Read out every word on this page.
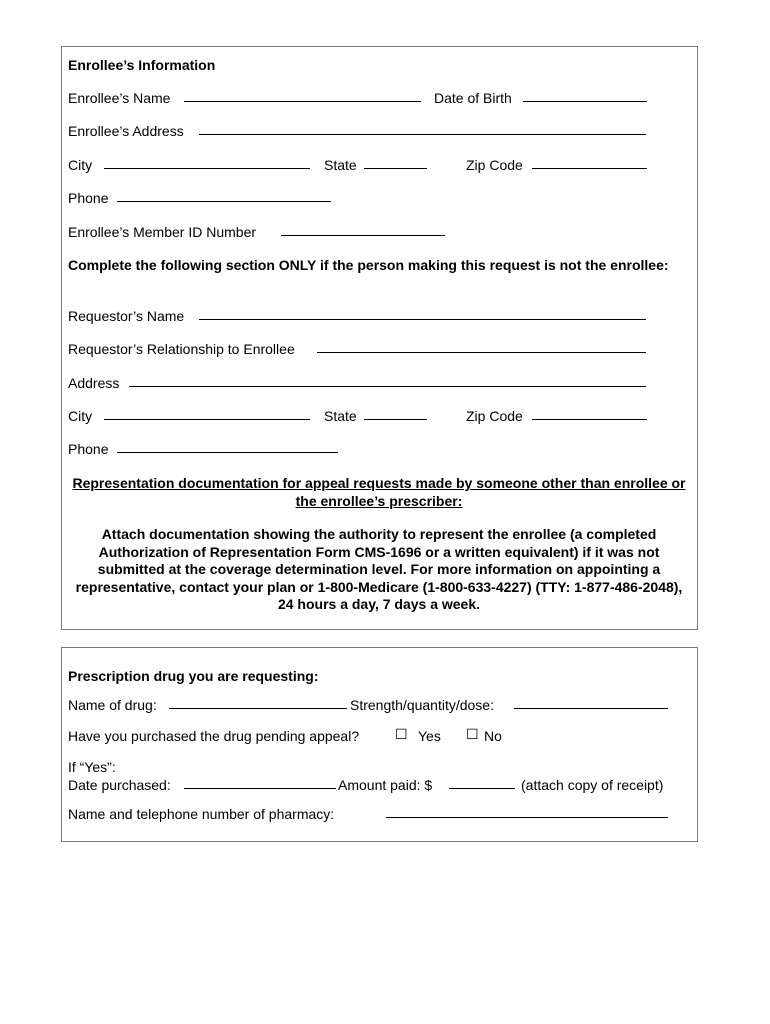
Enrollee’s Information
Enrollee’s Name	Date of Birth
Enrollee’s Address
City	State	Zip Code
Phone
Enrollee’s Member ID Number
Complete the following section ONLY if the person making this request is not the enrollee:
Requestor’s Name
Requestor’s Relationship to Enrollee
Address
City	State	Zip Code
Phone
Representation documentation for appeal requests made by someone other than enrollee or the enrollee’s prescriber:
Attach documentation showing the authority to represent the enrollee (a completed Authorization of Representation Form CMS-1696 or a written equivalent) if it was not submitted at the coverage determination level. For more information on appointing a representative, contact your plan or 1-800-Medicare (1-800-633-4227) (TTY: 1-877-486-2048), 24 hours a day, 7 days a week.
Prescription drug you are requesting:
Name of drug:	Strength/quantity/dose:
Have you purchased the drug pending appeal?	☐ Yes ☐ No
If “Yes”:
Date purchased:	Amount paid: $	(attach copy of receipt)
Name and telephone number of pharmacy:
